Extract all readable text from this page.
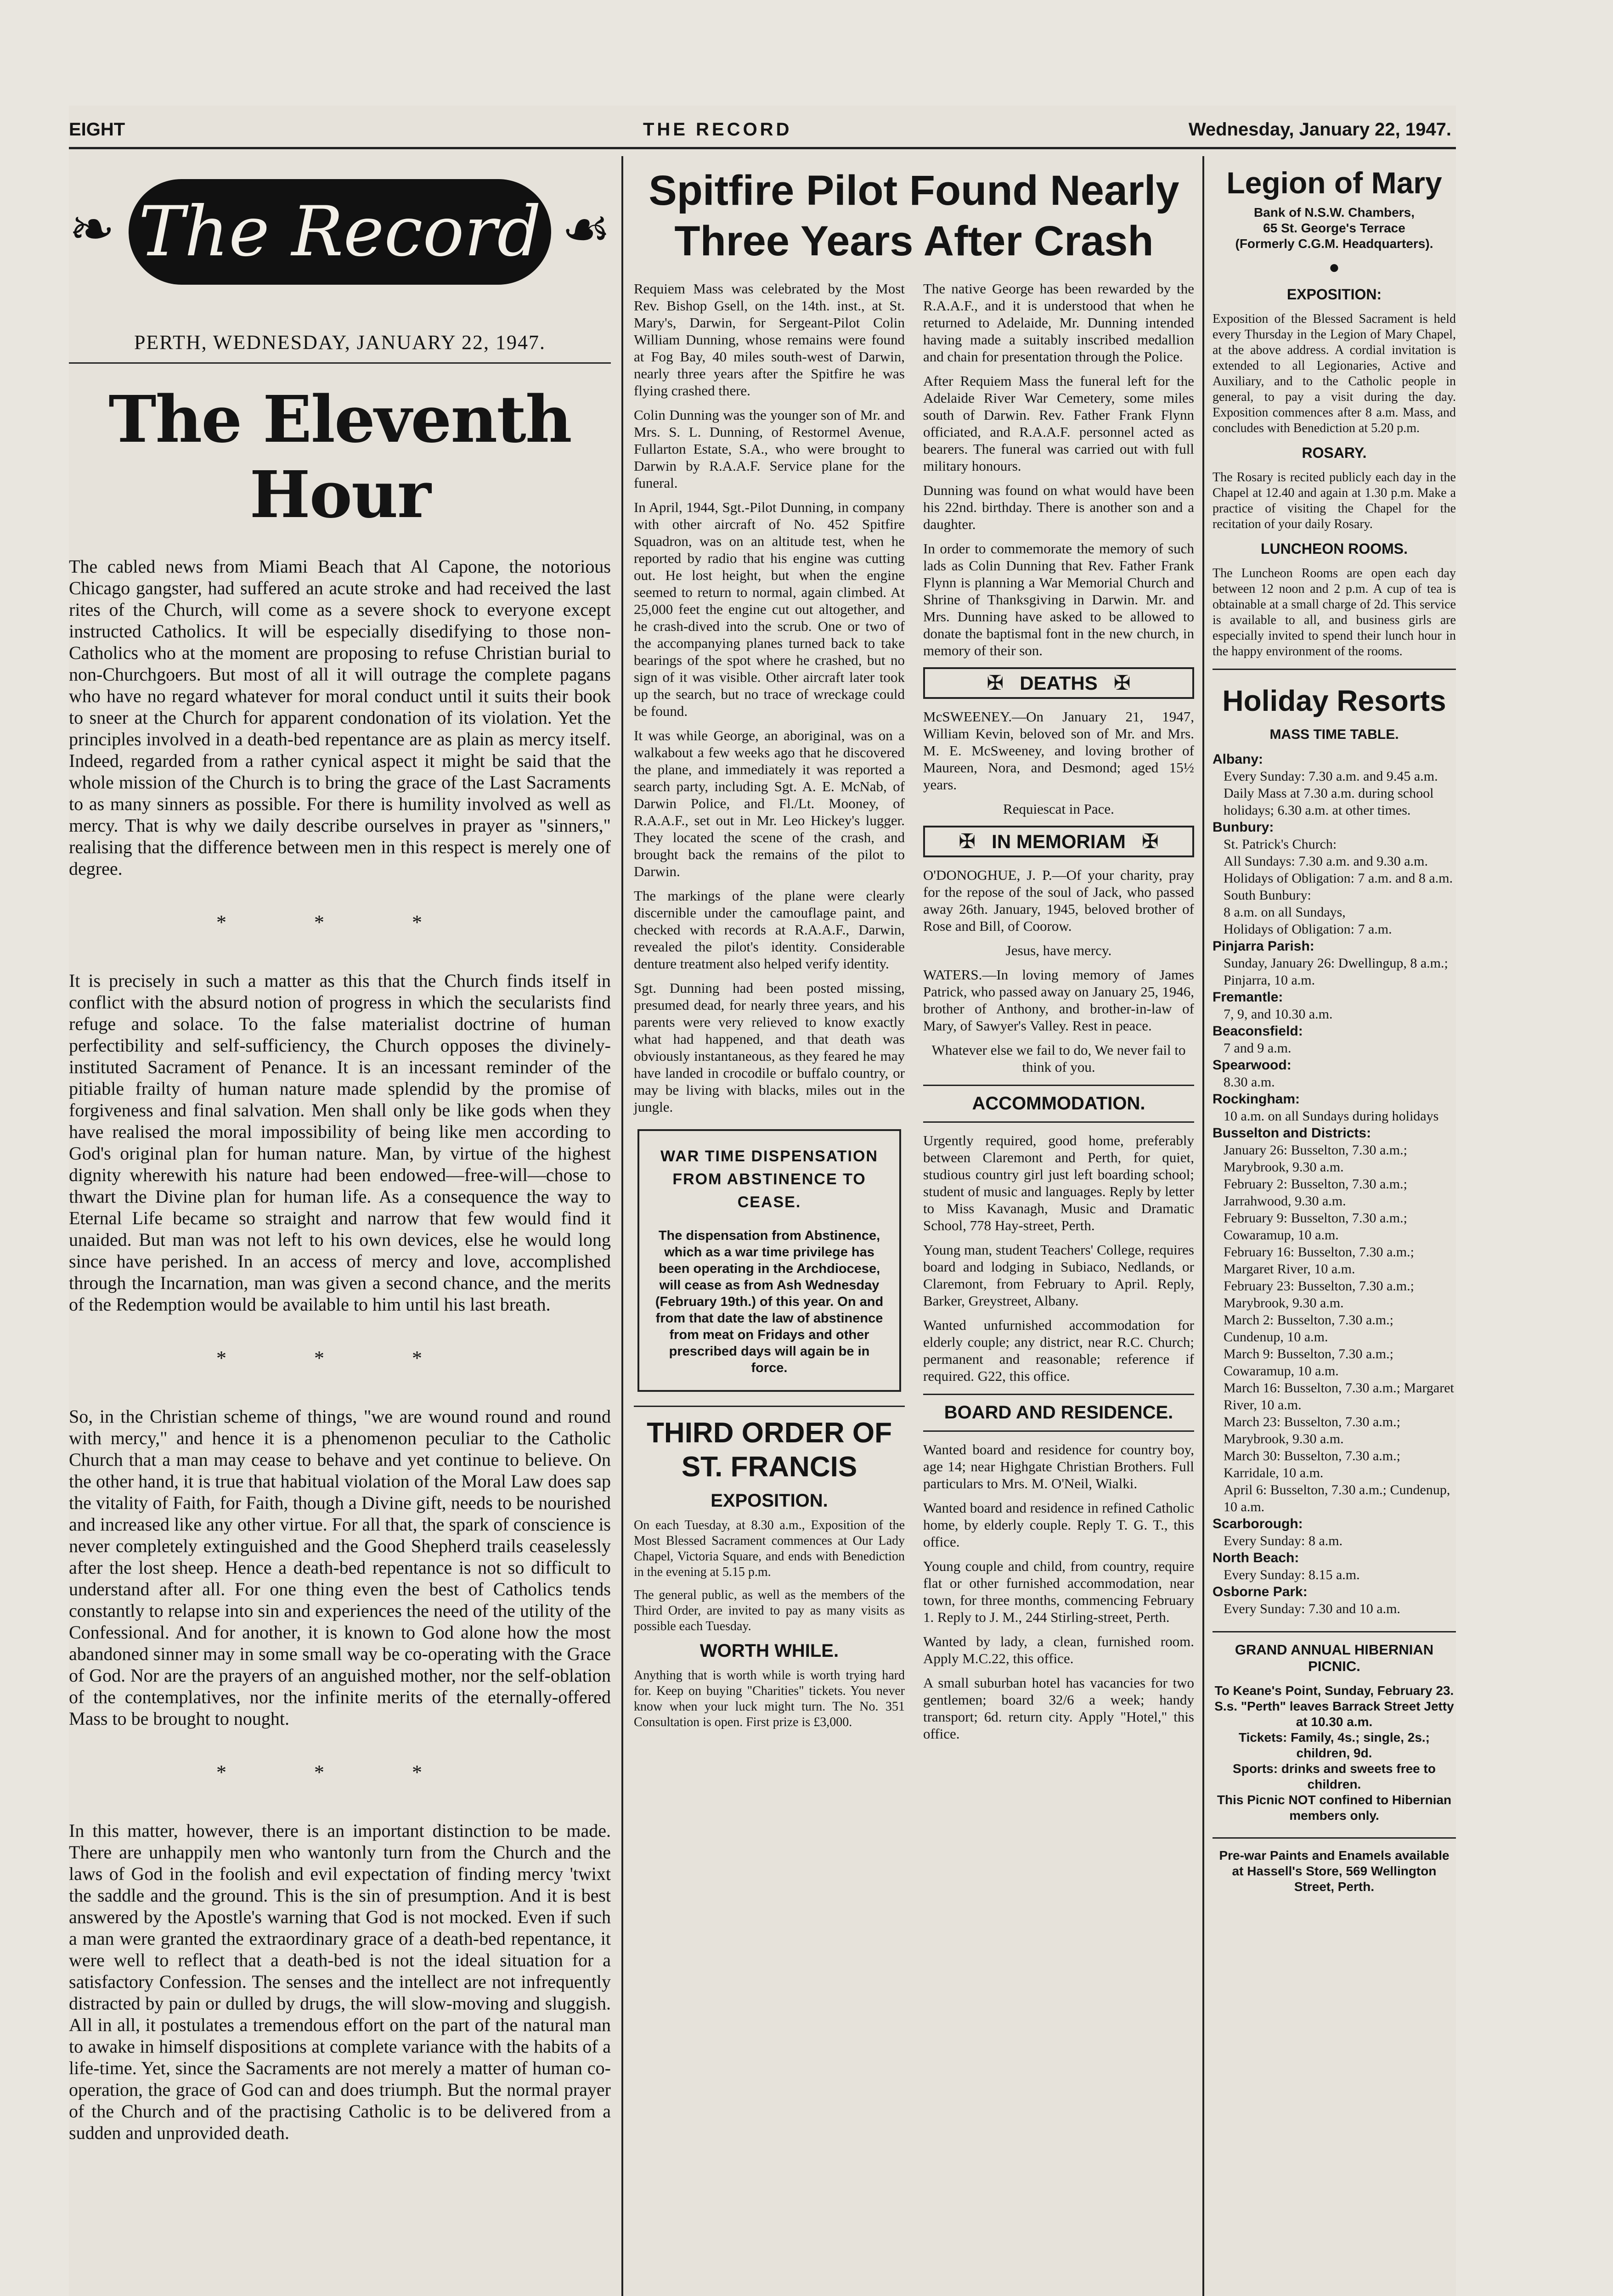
EIGHT	THE RECORD	Wednesday, January 22, 1947.
❧ The Record ☙
PERTH, WEDNESDAY, JANUARY 22, 1947.
The Eleventh Hour

The cabled news from Miami Beach that Al Capone, the notorious Chicago gangster, had suffered an acute stroke and had received the last rites of the Church, will come as a severe shock to everyone except instructed Catholics. It will be especially disedifying to those non-Catholics who at the moment are proposing to refuse Christian burial to non-Churchgoers. But most of all it will outrage the complete pagans who have no regard whatever for moral conduct until it suits their book to sneer at the Church for apparent condonation of its violation. Yet the principles involved in a death-bed repentance are as plain as mercy itself. Indeed, regarded from a rather cynical aspect it might be said that the whole mission of the Church is to bring the grace of the Last Sacraments to as many sinners as possible. For there is humility involved as well as mercy. That is why we daily describe ourselves in prayer as "sinners," realising that the difference between men in this respect is merely one of degree.

* * *

It is precisely in such a matter as this that the Church finds itself in conflict with the absurd notion of progress in which the secularists find refuge and solace. To the false materialist doctrine of human perfectibility and self-sufficiency, the Church opposes the divinely-instituted Sacrament of Penance. It is an incessant reminder of the pitiable frailty of human nature made splendid by the promise of forgiveness and final salvation. Men shall only be like gods when they have realised the moral impossibility of being like men according to God's original plan for human nature. Man, by virtue of the highest dignity wherewith his nature had been endowed—free-will—chose to thwart the Divine plan for human life. As a consequence the way to Eternal Life became so straight and narrow that few would find it unaided. But man was not left to his own devices, else he would long since have perished. In an access of mercy and love, accomplished through the Incarnation, man was given a second chance, and the merits of the Redemption would be available to him until his last breath.

* * *

So, in the Christian scheme of things, "we are wound round and round with mercy," and hence it is a phenomenon peculiar to the Catholic Church that a man may cease to behave and yet continue to believe. On the other hand, it is true that habitual violation of the Moral Law does sap the vitality of Faith, for Faith, though a Divine gift, needs to be nourished and increased like any other virtue. For all that, the spark of conscience is never completely extinguished and the Good Shepherd trails ceaselessly after the lost sheep. Hence a death-bed repentance is not so difficult to understand after all. For one thing even the best of Catholics tends constantly to relapse into sin and experiences the need of the utility of the Confessional. And for another, it is known to God alone how the most abandoned sinner may in some small way be co-operating with the Grace of God. Nor are the prayers of an anguished mother, nor the self-oblation of the contemplatives, nor the infinite merits of the eternally-offered Mass to be brought to nought.

* * *

In this matter, however, there is an important distinction to be made. There are unhappily men who wantonly turn from the Church and the laws of God in the foolish and evil expectation of finding mercy 'twixt the saddle and the ground. This is the sin of presumption. And it is best answered by the Apostle's warning that God is not mocked. Even if such a man were granted the extraordinary grace of a death-bed repentance, it were well to reflect that a death-bed is not the ideal situation for a satisfactory Confession. The senses and the intellect are not infrequently distracted by pain or dulled by drugs, the will slow-moving and sluggish. All in all, it postulates a tremendous effort on the part of the natural man to awake in himself dispositions at complete variance with the habits of a life-time. Yet, since the Sacraments are not merely a matter of human co-operation, the grace of God can and does triumph. But the normal prayer of the Church and of the practising Catholic is to be delivered from a sudden and unprovided death.

Spitfire Pilot Found Nearly Three Years After Crash

Requiem Mass was celebrated by the Most Rev. Bishop Gsell, on the 14th. inst., at St. Mary's, Darwin, for Sergeant-Pilot Colin William Dunning, whose remains were found at Fog Bay, 40 miles south-west of Darwin, nearly three years after the Spitfire he was flying crashed there.

Colin Dunning was the younger son of Mr. and Mrs. S. L. Dunning, of Restormel Avenue, Fullarton Estate, S.A., who were brought to Darwin by R.A.A.F. Service plane for the funeral.

In April, 1944, Sgt.-Pilot Dunning, in company with other aircraft of No. 452 Spitfire Squadron, was on an altitude test, when he reported by radio that his engine was cutting out. He lost height, but when the engine seemed to return to normal, again climbed. At 25,000 feet the engine cut out altogether, and he crash-dived into the scrub. One or two of the accompanying planes turned back to take bearings of the spot where he crashed, but no sign of it was visible. Other aircraft later took up the search, but no trace of wreckage could be found.

It was while George, an aboriginal, was on a walkabout a few weeks ago that he discovered the plane, and immediately it was reported a search party, including Sgt. A. E. McNab, of Darwin Police, and Fl./Lt. Mooney, of R.A.A.F., set out in Mr. Leo Hickey's lugger. They located the scene of the crash, and brought back the remains of the pilot to Darwin.

The markings of the plane were clearly discernible under the camouflage paint, and checked with records at R.A.A.F., Darwin, revealed the pilot's identity. Considerable denture treatment also helped verify identity.

Sgt. Dunning had been posted missing, presumed dead, for nearly three years, and his parents were very relieved to know exactly what had happened, and that death was obviously instantaneous, as they feared he may have landed in crocodile or buffalo country, or may be living with blacks, miles out in the jungle.

WAR TIME DISPENSATION FROM ABSTINENCE TO CEASE.
The dispensation from Abstinence, which as a war time privilege has been operating in the Archdiocese, will cease as from Ash Wednesday (February 19th.) of this year. On and from that date the law of abstinence from meat on Fridays and other prescribed days will again be in force.
THIRD ORDER OF ST. FRANCIS
EXPOSITION.

On each Tuesday, at 8.30 a.m., Exposition of the Most Blessed Sacrament commences at Our Lady Chapel, Victoria Square, and ends with Benediction in the evening at 5.15 p.m.

The general public, as well as the members of the Third Order, are invited to pay as many visits as possible each Tuesday.

WORTH WHILE.

Anything that is worth while is worth trying hard for. Keep on buying "Charities" tickets. You never know when your luck might turn. The No. 351 Consultation is open. First prize is £3,000.

The native George has been rewarded by the R.A.A.F., and it is understood that when he returned to Adelaide, Mr. Dunning intended having made a suitably inscribed medallion and chain for presentation through the Police.

After Requiem Mass the funeral left for the Adelaide River War Cemetery, some miles south of Darwin. Rev. Father Frank Flynn officiated, and R.A.A.F. personnel acted as bearers. The funeral was carried out with full military honours.

Dunning was found on what would have been his 22nd. birthday. There is another son and a daughter.

In order to commemorate the memory of such lads as Colin Dunning that Rev. Father Frank Flynn is planning a War Memorial Church and Shrine of Thanksgiving in Darwin. Mr. and Mrs. Dunning have asked to be allowed to donate the baptismal font in the new church, in memory of their son.

✠ DEATHS ✠

McSWEENEY.—On January 21, 1947, William Kevin, beloved son of Mr. and Mrs. M. E. McSweeney, and loving brother of Maureen, Nora, and Desmond; aged 15½ years.

Requiescat in Pace.

✠ IN MEMORIAM ✠

O'DONOGHUE, J. P.—Of your charity, pray for the repose of the soul of Jack, who passed away 26th. January, 1945, beloved brother of Rose and Bill, of Coorow.

Jesus, have mercy.

WATERS.—In loving memory of James Patrick, who passed away on January 25, 1946, brother of Anthony, and brother-in-law of Mary, of Sawyer's Valley. Rest in peace.

Whatever else we fail to do, We never fail to think of you.

ACCOMMODATION.

Urgently required, good home, preferably between Claremont and Perth, for quiet, studious country girl just left boarding school; student of music and languages. Reply by letter to Miss Kavanagh, Music and Dramatic School, 778 Hay-street, Perth.

Young man, student Teachers' College, requires board and lodging in Subiaco, Nedlands, or Claremont, from February to April. Reply, Barker, Greystreet, Albany.

Wanted unfurnished accommodation for elderly couple; any district, near R.C. Church; permanent and reasonable; reference if required. G22, this office.

BOARD AND RESIDENCE.

Wanted board and residence for country boy, age 14; near Highgate Christian Brothers. Full particulars to Mrs. M. O'Neil, Wialki.

Wanted board and residence in refined Catholic home, by elderly couple. Reply T. G. T., this office.

Young couple and child, from country, require flat or other furnished accommodation, near town, for three months, commencing February 1. Reply to J. M., 244 Stirling-street, Perth.

Wanted by lady, a clean, furnished room. Apply M.C.22, this office.

A small suburban hotel has vacancies for two gentlemen; board 32/6 a week; handy transport; 6d. return city. Apply "Hotel," this office.

Legion of Mary
Bank of N.S.W. Chambers,
65 St. George's Terrace
(Formerly C.G.M. Headquarters).
●
EXPOSITION:

Exposition of the Blessed Sacrament is held every Thursday in the Legion of Mary Chapel, at the above address. A cordial invitation is extended to all Legionaries, Active and Auxiliary, and to the Catholic people in general, to pay a visit during the day. Exposition commences after 8 a.m. Mass, and concludes with Benediction at 5.20 p.m.

ROSARY.

The Rosary is recited publicly each day in the Chapel at 12.40 and again at 1.30 p.m. Make a practice of visiting the Chapel for the recitation of your daily Rosary.

LUNCHEON ROOMS.

The Luncheon Rooms are open each day between 12 noon and 2 p.m. A cup of tea is obtainable at a small charge of 2d. This service is available to all, and business girls are especially invited to spend their lunch hour in the happy environment of the rooms.

Holiday Resorts
MASS TIME TABLE.
Albany:
Every Sunday: 7.30 a.m. and 9.45 a.m.
Daily Mass at 7.30 a.m. during school holidays; 6.30 a.m. at other times.
Bunbury:
St. Patrick's Church:
All Sundays: 7.30 a.m. and 9.30 a.m.
Holidays of Obligation: 7 a.m. and 8 a.m.
South Bunbury:
8 a.m. on all Sundays,
Holidays of Obligation: 7 a.m.
Pinjarra Parish:
Sunday, January 26: Dwellingup, 8 a.m.; Pinjarra, 10 a.m.
Fremantle:
7, 9, and 10.30 a.m.
Beaconsfield:
7 and 9 a.m.
Spearwood:
8.30 a.m.
Rockingham:
10 a.m. on all Sundays during holidays
Busselton and Districts:
January 26: Busselton, 7.30 a.m.; Marybrook, 9.30 a.m.
February 2: Busselton, 7.30 a.m.; Jarrahwood, 9.30 a.m.
February 9: Busselton, 7.30 a.m.; Cowaramup, 10 a.m.
February 16: Busselton, 7.30 a.m.; Margaret River, 10 a.m.
February 23: Busselton, 7.30 a.m.; Marybrook, 9.30 a.m.
March 2: Busselton, 7.30 a.m.; Cundenup, 10 a.m.
March 9: Busselton, 7.30 a.m.; Cowaramup, 10 a.m.
March 16: Busselton, 7.30 a.m.; Margaret River, 10 a.m.
March 23: Busselton, 7.30 a.m.; Marybrook, 9.30 a.m.
March 30: Busselton, 7.30 a.m.; Karridale, 10 a.m.
April 6: Busselton, 7.30 a.m.; Cundenup, 10 a.m.
Scarborough:
Every Sunday: 8 a.m.
North Beach:
Every Sunday: 8.15 a.m.
Osborne Park:
Every Sunday: 7.30 and 10 a.m.
GRAND ANNUAL HIBERNIAN PICNIC.
To Keane's Point, Sunday, February 23.
S.s. "Perth" leaves Barrack Street Jetty at 10.30 a.m.
Tickets: Family, 4s.; single, 2s.; children, 9d.
Sports: drinks and sweets free to children.
This Picnic NOT confined to Hibernian members only.
Pre-war Paints and Enamels available at Hassell's Store, 569 Wellington Street, Perth.
